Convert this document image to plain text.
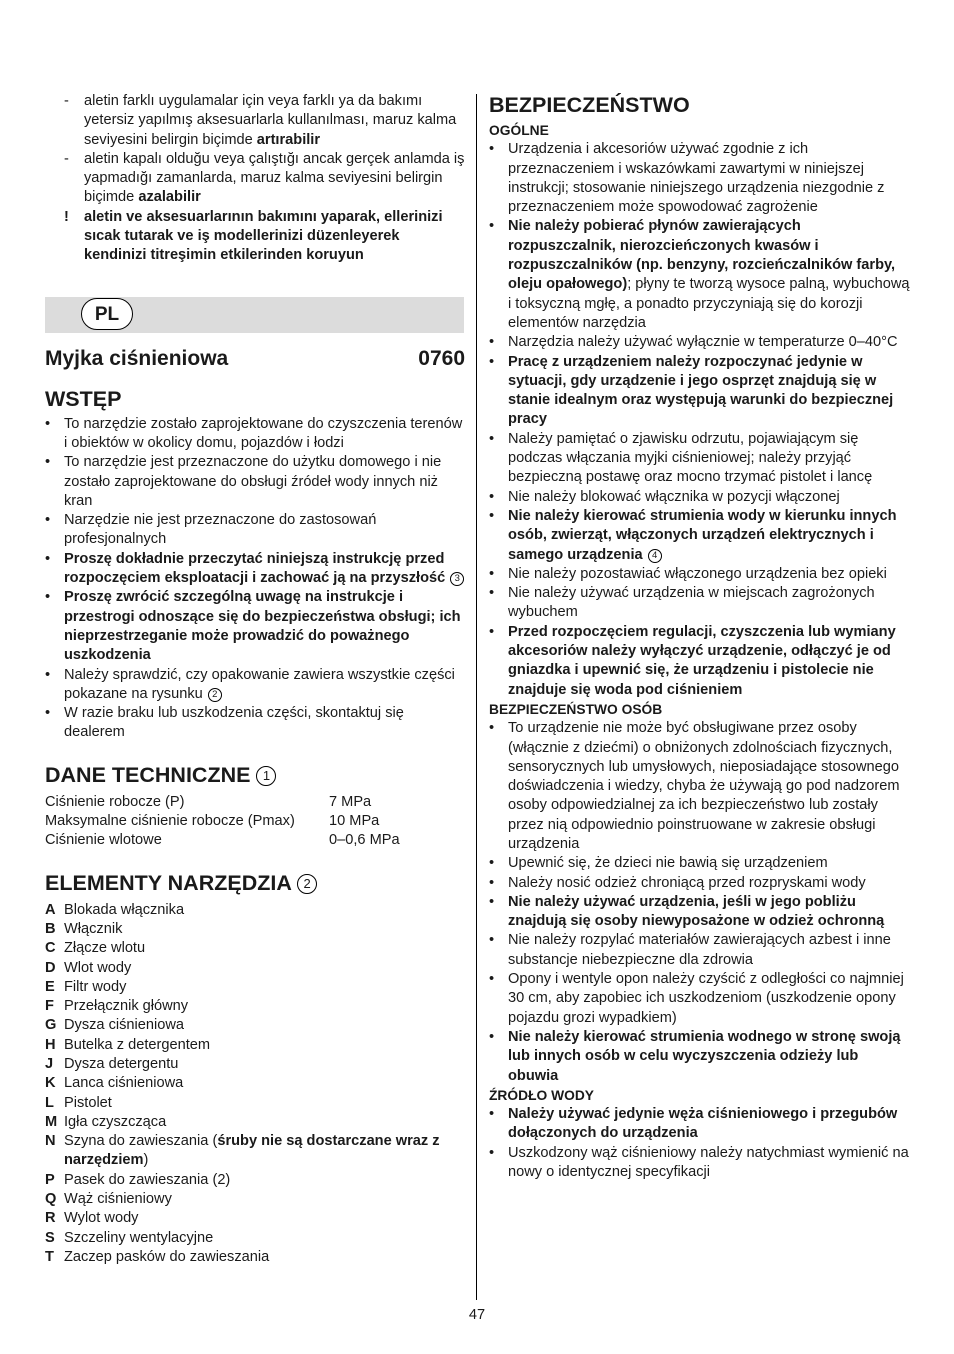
- aletin farklı uygulamalar için veya farklı ya da bakımı yetersiz yapılmış aksesuarlarla kullanılması, maruz kalma seviyesini belirgin biçimde artırabilir
- aletin kapalı olduğu veya çalıştığı ancak gerçek anlamda iş yapmadığı zamanlarda, maruz kalma seviyesini belirgin biçimde azalabilir
! aletin ve aksesuarlarının bakımını yaparak, ellerinizi sıcak tutarak ve iş modellerinizi düzenleyerek kendinizi titreşimin etkilerinden koruyun
PL
Myjka ciśnieniowa	0760
WSTĘP
• To narzędzie zostało zaprojektowane do czyszczenia terenów i obiektów w okolicy domu, pojazdów i łodzi
• To narzędzie jest przeznaczone do użytku domowego i nie zostało zaprojektowane do obsługi źródeł wody innych niż kran
• Narzędzie nie jest przeznaczone do zastosowań profesjonalnych
• Proszę dokładnie przeczytać niniejszą instrukcję przed rozpoczęciem eksploatacji i zachować ją na przyszłość 3
• Proszę zwrócić szczególną uwagę na instrukcje i przestrogi odnoszące się do bezpieczeństwa obsługi; ich nieprzestrzeganie może prowadzić do poważnego uszkodzenia
• Należy sprawdzić, czy opakowanie zawiera wszystkie części pokazane na rysunku 2
• W razie braku lub uszkodzenia części, skontaktuj się dealerem
DANE TECHNICZNE 1
Ciśnienie robocze (P)	7 MPa
Maksymalne ciśnienie robocze (Pmax)	10 MPa
Ciśnienie wlotowe	0–0,6 MPa
ELEMENTY NARZĘDZIA 2
A Blokada włącznika
B Włącznik
C Złącze wlotu
D Wlot wody
E Filtr wody
F Przełącznik główny
G Dysza ciśnieniowa
H Butelka z detergentem
J Dysza detergentu
K Lanca ciśnieniowa
L Pistolet
M Igła czyszcząca
N Szyna do zawieszania (śruby nie są dostarczane wraz z narzędziem)
P Pasek do zawieszania (2)
Q Wąż ciśnieniowy
R Wylot wody
S Szczeliny wentylacyjne
T Zaczep pasków do zawieszania
BEZPIECZEŃSTWO
OGÓLNE
• Urządzenia i akcesoriów używać zgodnie z ich przeznaczeniem i wskazówkami zawartymi w niniejszej instrukcji; stosowanie niniejszego urządzenia niezgodnie z przeznaczeniem może spowodować zagrożenie
• Nie należy pobierać płynów zawierających rozpuszczalnik, nierozcieńczonych kwasów i rozpuszczalników (np. benzyny, rozcieńczalników farby, oleju opałowego); płyny te tworzą wysoce palną, wybuchową i toksyczną mgłę, a ponadto przyczyniają się do korozji elementów narzędzia
• Narzędzia należy używać wyłącznie w temperaturze 0–40°C
• Pracę z urządzeniem należy rozpoczynać jedynie w sytuacji, gdy urządzenie i jego osprzęt znajdują się w stanie idealnym oraz występują warunki do bezpiecznej pracy
• Należy pamiętać o zjawisku odrzutu, pojawiającym się podczas włączania myjki ciśnieniowej; należy przyjąć bezpieczną postawę oraz mocno trzymać pistolet i lancę
• Nie należy blokować włącznika w pozycji włączonej
• Nie należy kierować strumienia wody w kierunku innych osób, zwierząt, włączonych urządzeń elektrycznych i samego urządzenia 4
• Nie należy pozostawiać włączonego urządzenia bez opieki
• Nie należy używać urządzenia w miejscach zagrożonych wybuchem
• Przed rozpoczęciem regulacji, czyszczenia lub wymiany akcesoriów należy wyłączyć urządzenie, odłączyć je od gniazdka i upewnić się, że urządzeniu i pistolecie nie znajduje się woda pod ciśnieniem
BEZPIECZEŃSTWO OSÓB
• To urządzenie nie może być obsługiwane przez osoby (włącznie z dziećmi) o obniżonych zdolnościach fizycznych, sensorycznych lub umysłowych, nieposiadające stosownego doświadczenia i wiedzy, chyba że używają go pod nadzorem osoby odpowiedzialnej za ich bezpieczeństwo lub zostały przez nią odpowiednio poinstruowane w zakresie obsługi urządzenia
• Upewnić się, że dzieci nie bawią się urządzeniem
• Należy nosić odzież chroniącą przed rozpryskami wody
• Nie należy używać urządzenia, jeśli w jego pobliżu znajdują się osoby niewyposażone w odzież ochronną
• Nie należy rozpylać materiałów zawierających azbest i inne substancje niebezpieczne dla zdrowia
• Opony i wentyle opon należy czyścić z odległości co najmniej 30 cm, aby zapobiec ich uszkodzeniom (uszkodzenie opony pojazdu grozi wypadkiem)
• Nie należy kierować strumienia wodnego w stronę swoją lub innych osób w celu wyczyszczenia odzieży lub obuwia
ŹRÓDŁO WODY
• Należy używać jedynie węża ciśnieniowego i przegubów dołączonych do urządzenia
• Uszkodzony wąż ciśnieniowy należy natychmiast wymienić na nowy o identycznej specyfikacji
47
